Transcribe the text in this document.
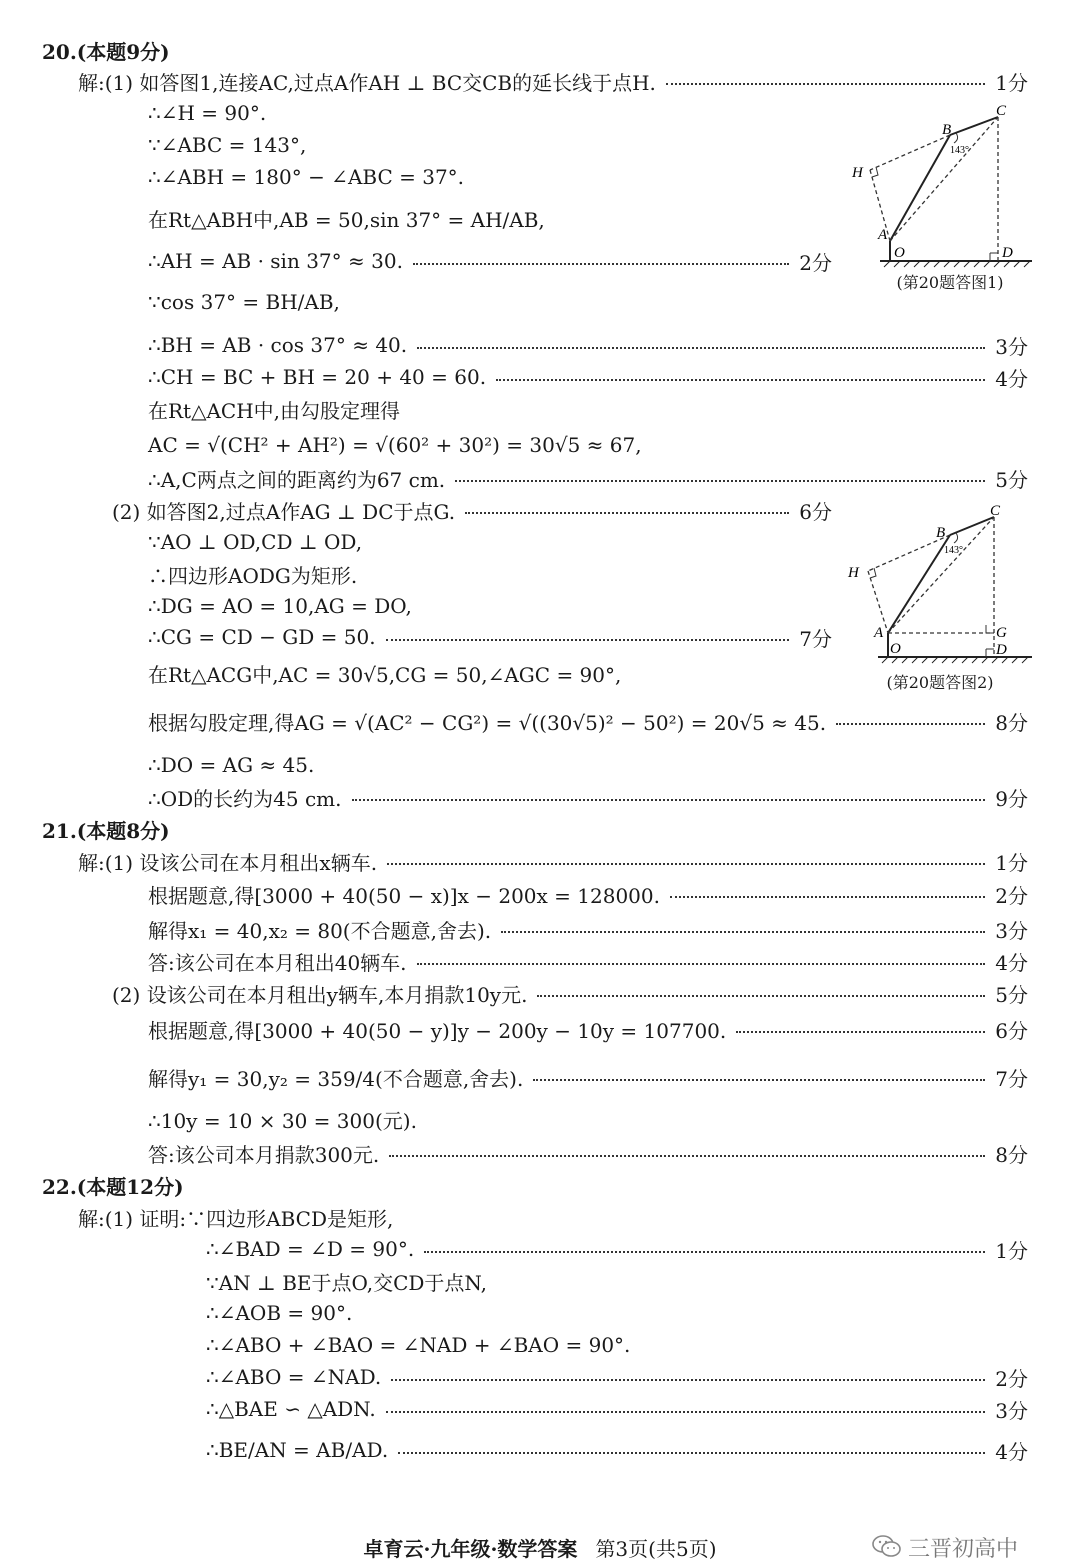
20.(本题9分)
21.(本题8分)
22.(本题12分)
解:(1) 如答图1,连接AC,过点A作AH ⊥ BC交CB的延长线于点H.	1分
∴∠H = 90°.
∵∠ABC = 143°,
∴∠ABH = 180° − ∠ABC = 37°.
在Rt△ABH中,AB = 50,sin 37° = AH/AB,
∴AH = AB · sin 37° ≈ 30.	2分
∵cos 37° = BH/AB,
∴BH = AB · cos 37° ≈ 40.	3分
∴CH = BC + BH = 20 + 40 = 60.	4分
在Rt△ACH中,由勾股定理得
AC = √(CH² + AH²) = √(60² + 30²) = 30√5 ≈ 67,
∴A,C两点之间的距离约为67 cm.	5分
(2) 如答图2,过点A作AG ⊥ DC于点G.	6分
∵AO ⊥ OD,CD ⊥ OD,
∴四边形AODG为矩形.
∴DG = AO = 10,AG = DO,
∴CG = CD − GD = 50.	7分
在Rt△ACG中,AC = 30√5,CG = 50,∠AGC = 90°,
根据勾股定理,得AG = √(AC² − CG²) = √((30√5)² − 50²) = 20√5 ≈ 45.	8分
∴DO = AG ≈ 45.
∴OD的长约为45 cm.	9分
解:(1) 设该公司在本月租出x辆车.	1分
根据题意,得[3000 + 40(50 − x)]x − 200x = 128000.	2分
解得x₁ = 40,x₂ = 80(不合题意,舍去).	3分
答:该公司在本月租出40辆车.	4分
(2) 设该公司在本月租出y辆车,本月捐款10y元.	5分
根据题意,得[3000 + 40(50 − y)]y − 200y − 10y = 107700.	6分
解得y₁ = 30,y₂ = 359/4(不合题意,舍去).	7分
∴10y = 10 × 30 = 300(元).
答:该公司本月捐款300元.	8分
解:(1) 证明:∵四边形ABCD是矩形,
∴∠BAD = ∠D = 90°.	1分
∵AN ⊥ BE于点O,交CD于点N,
∴∠AOB = 90°.
∴∠ABO + ∠BAO = ∠NAD + ∠BAO = 90°.
∴∠ABO = ∠NAD.	2分
∴△BAE ∽ △ADN.	3分
∴BE/AN = AB/AD.	4分
B
C
H
A
O	D
143°
(第20题答图1)
B
C
H
A
O
G
D
143°
(第20题答图2)
卓育云·九年级·数学答案 第3页(共5页)	三晋初高中
